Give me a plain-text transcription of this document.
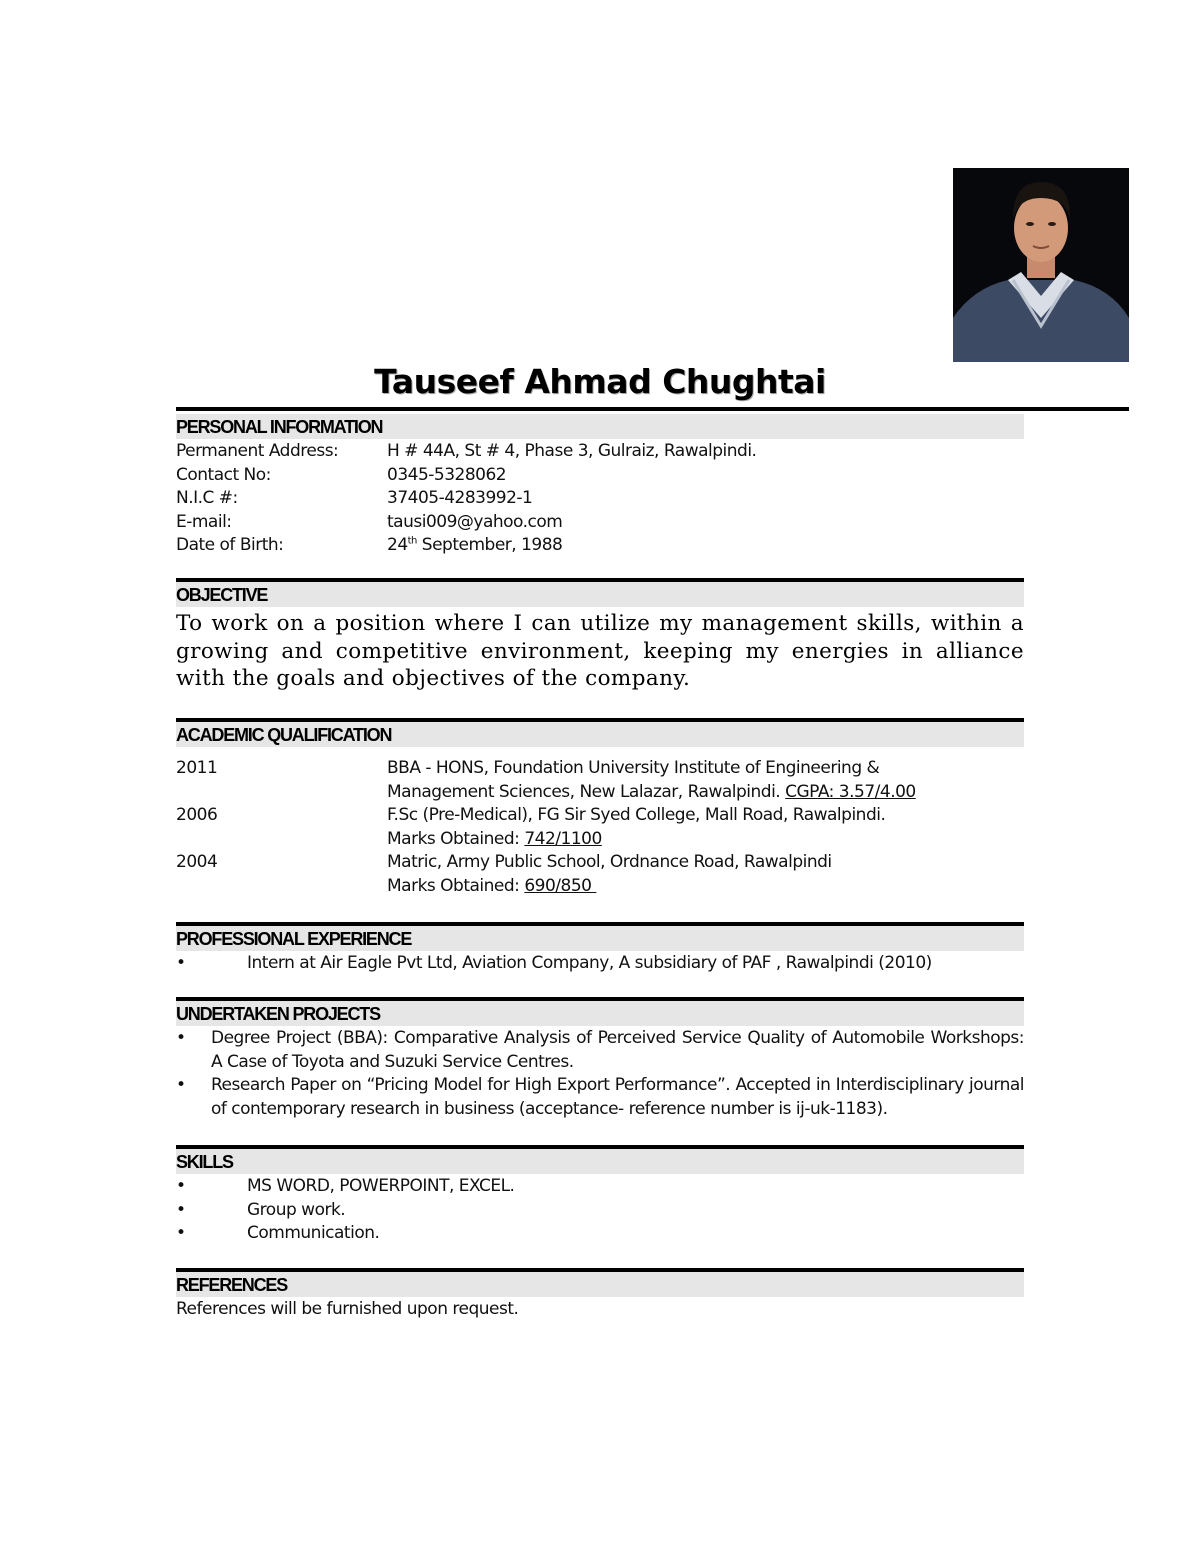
Tauseef Ahmad Chughtai
PERSONAL INFORMATION
Permanent Address:	H # 44A, St # 4, Phase 3, Gulraiz, Rawalpindi.
Contact No:	0345-5328062
N.I.C #:	37405-4283992-1
E-mail:	tausi009@yahoo.com
Date of Birth:	24th September, 1988
OBJECTIVE
To work on a position where I can utilize my management skills, within a growing and competitive environment, keeping my energies in alliance with the goals and objectives of the company.
ACADEMIC QUALIFICATION
2011	BBA - HONS, Foundation University Institute of Engineering &
Management Sciences, New Lalazar, Rawalpindi. CGPA: 3.57/4.00
2006	F.Sc (Pre-Medical), FG Sir Syed College, Mall Road, Rawalpindi.
Marks Obtained: 742/1100
2004	Matric, Army Public School, Ordnance Road, Rawalpindi
Marks Obtained: 690/850
PROFESSIONAL EXPERIENCE
•	Intern at Air Eagle Pvt Ltd, Aviation Company, A subsidiary of PAF , Rawalpindi (2010)
UNDERTAKEN PROJECTS
•	Degree Project (BBA): Comparative Analysis of Perceived Service Quality of Automobile Workshops: A Case of Toyota and Suzuki Service Centres.
•	Research Paper on “Pricing Model for High Export Performance”. Accepted in Interdisciplinary journal of contemporary research in business (acceptance- reference number is ij-uk-1183).
SKILLS
•	MS WORD, POWERPOINT, EXCEL.
•	Group work.
•	Communication.
REFERENCES
References will be furnished upon request.
